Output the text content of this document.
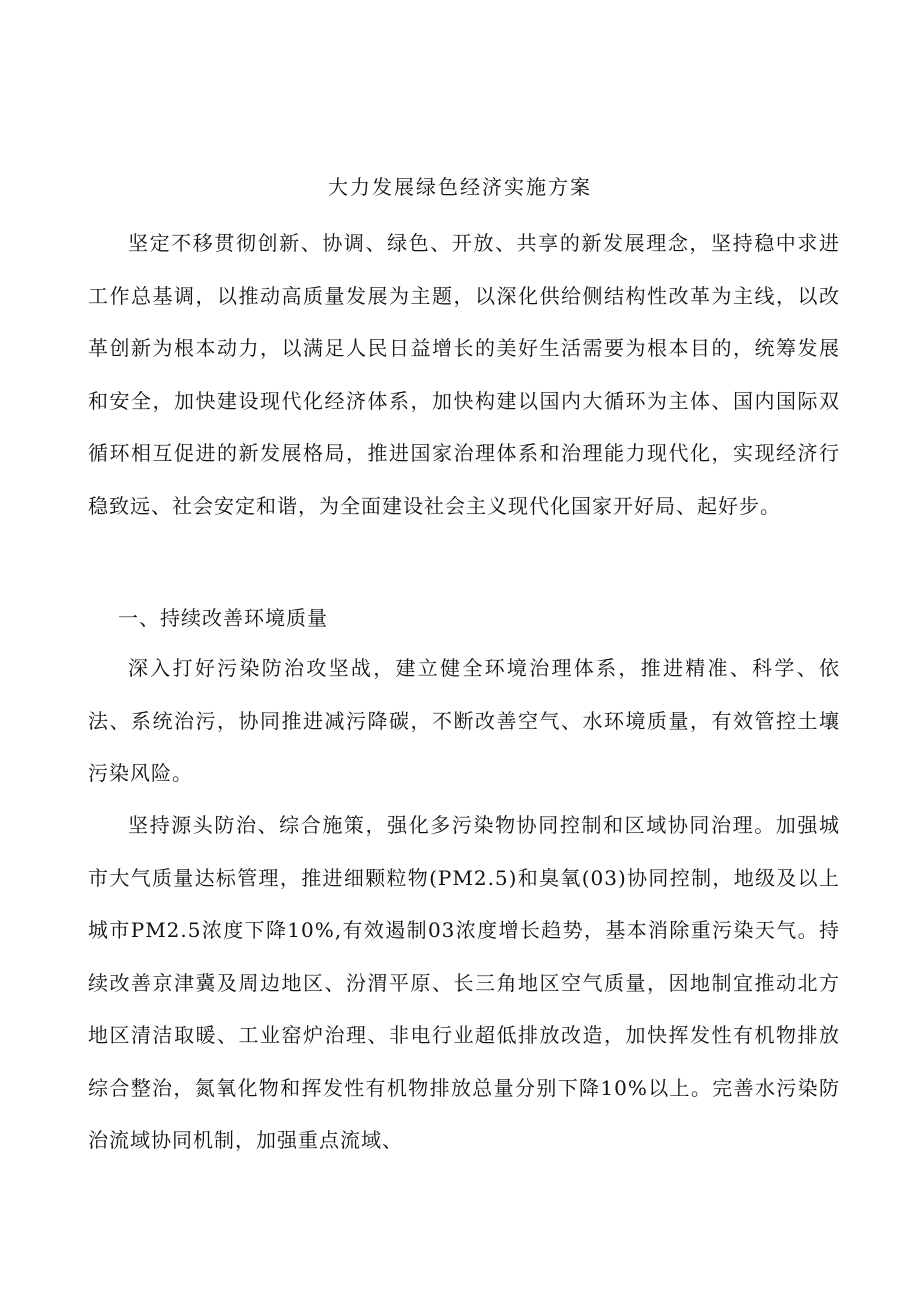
大力发展绿色经济实施方案

坚定不移贯彻创新、协调、绿色、开放、共享的新发展理念，坚持稳中求进工作总基调，以推动高质量发展为主题，以深化供给侧结构性改革为主线，以改革创新为根本动力，以满足人民日益增长的美好生活需要为根本目的，统筹发展和安全，加快建设现代化经济体系，加快构建以国内大循环为主体、国内国际双循环相互促进的新发展格局，推进国家治理体系和治理能力现代化，实现经济行稳致远、社会安定和谐，为全面建设社会主义现代化国家开好局、起好步。

一、持续改善环境质量

深入打好污染防治攻坚战，建立健全环境治理体系，推进精准、科学、依法、系统治污，协同推进减污降碳，不断改善空气、水环境质量，有效管控土壤污染风险。

坚持源头防治、综合施策，强化多污染物协同控制和区域协同治理。加强城市大气质量达标管理，推进细颗粒物(PM2.5)和臭氧(03)协同控制，地级及以上城市PM2.5浓度下降10%,有效遏制03浓度增长趋势，基本消除重污染天气。持续改善京津冀及周边地区、汾渭平原、长三角地区空气质量，因地制宜推动北方地区清洁取暖、工业窑炉治理、非电行业超低排放改造，加快挥发性有机物排放综合整治，氮氧化物和挥发性有机物排放总量分别下降10%以上。完善水污染防治流域协同机制，加强重点流域、
